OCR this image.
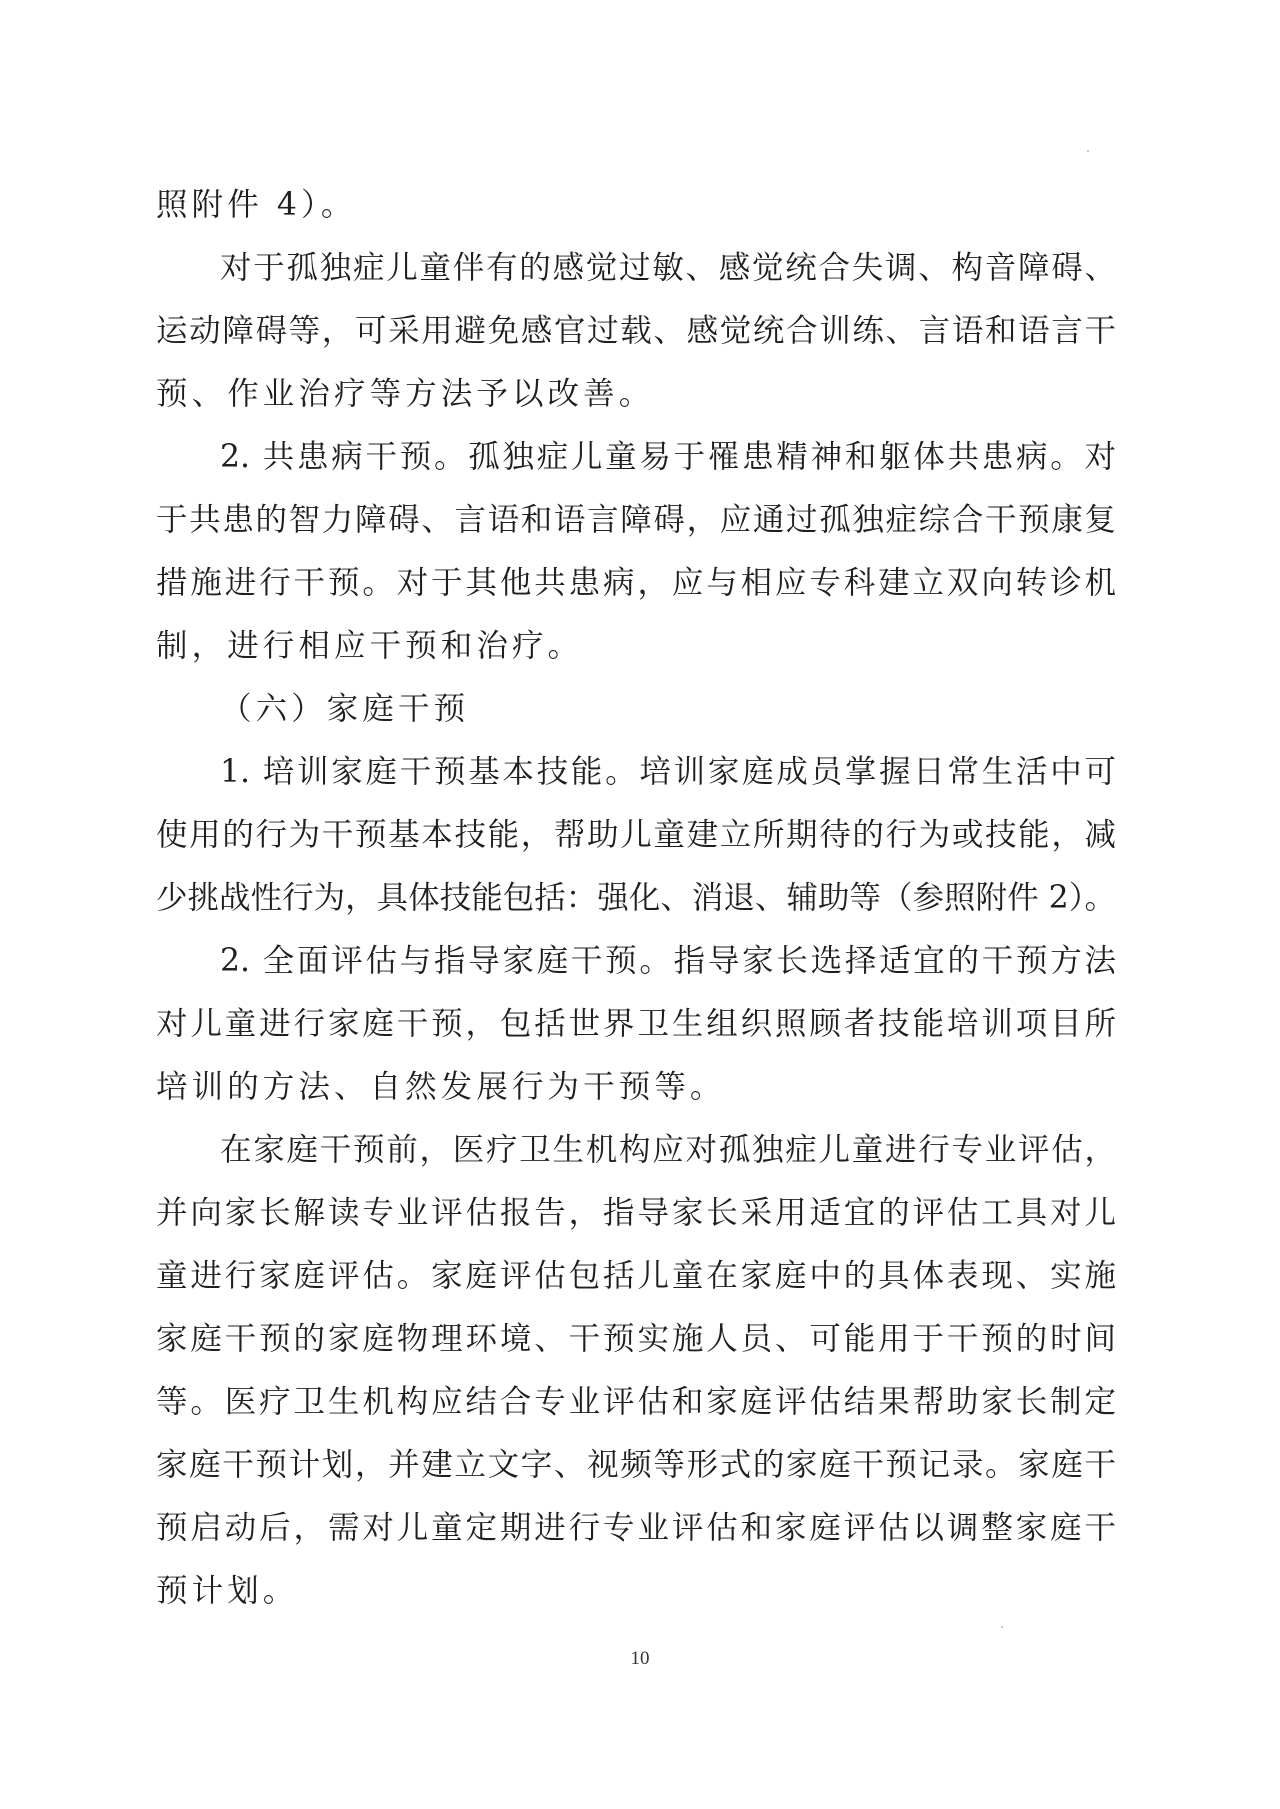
照附件 4）。
对于孤独症儿童伴有的感觉过敏、感觉统合失调、构音障碍、
运动障碍等，可采用避免感官过载、感觉统合训练、言语和语言干
预、作业治疗等方法予以改善。
2. 共患病干预。孤独症儿童易于罹患精神和躯体共患病。对
于共患的智力障碍、言语和语言障碍，应通过孤独症综合干预康复
措施进行干预。对于其他共患病，应与相应专科建立双向转诊机
制，进行相应干预和治疗。
（六）家庭干预
1. 培训家庭干预基本技能。培训家庭成员掌握日常生活中可
使用的行为干预基本技能，帮助儿童建立所期待的行为或技能，减
少挑战性行为，具体技能包括：强化、消退、辅助等（参照附件 2）。
2. 全面评估与指导家庭干预。指导家长选择适宜的干预方法
对儿童进行家庭干预，包括世界卫生组织照顾者技能培训项目所
培训的方法、自然发展行为干预等。
在家庭干预前，医疗卫生机构应对孤独症儿童进行专业评估，
并向家长解读专业评估报告，指导家长采用适宜的评估工具对儿
童进行家庭评估。家庭评估包括儿童在家庭中的具体表现、实施
家庭干预的家庭物理环境、干预实施人员、可能用于干预的时间
等。医疗卫生机构应结合专业评估和家庭评估结果帮助家长制定
家庭干预计划，并建立文字、视频等形式的家庭干预记录。家庭干
预启动后，需对儿童定期进行专业评估和家庭评估以调整家庭干
预计划。
10
